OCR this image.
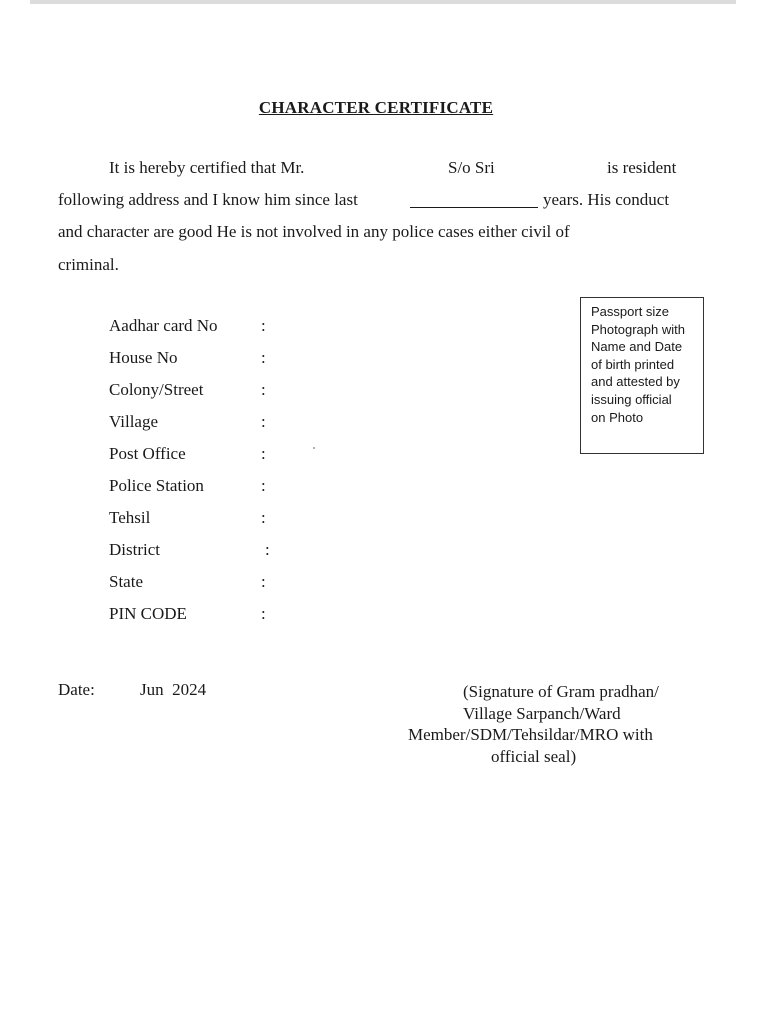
CHARACTER CERTIFICATE
It is hereby certified that Mr.	S/o Sri	is resident
following address and I know him since last	years. His conduct
and character are good He is not involved in any police cases either civil of
criminal.
Aadhar card No	:
House No	:
Colony/Street	:
Village	:
Post Office	:
Police Station	:
Tehsil	:
District	:
State	:
PIN CODE	:
Passport size
Photograph with
Name and Date
of birth printed
and attested by
issuing official
on Photo
Date:	Jun  2024	(Signature of Gram pradhan/
Village Sarpanch/Ward
Member/SDM/Tehsildar/MRO with
official seal)
